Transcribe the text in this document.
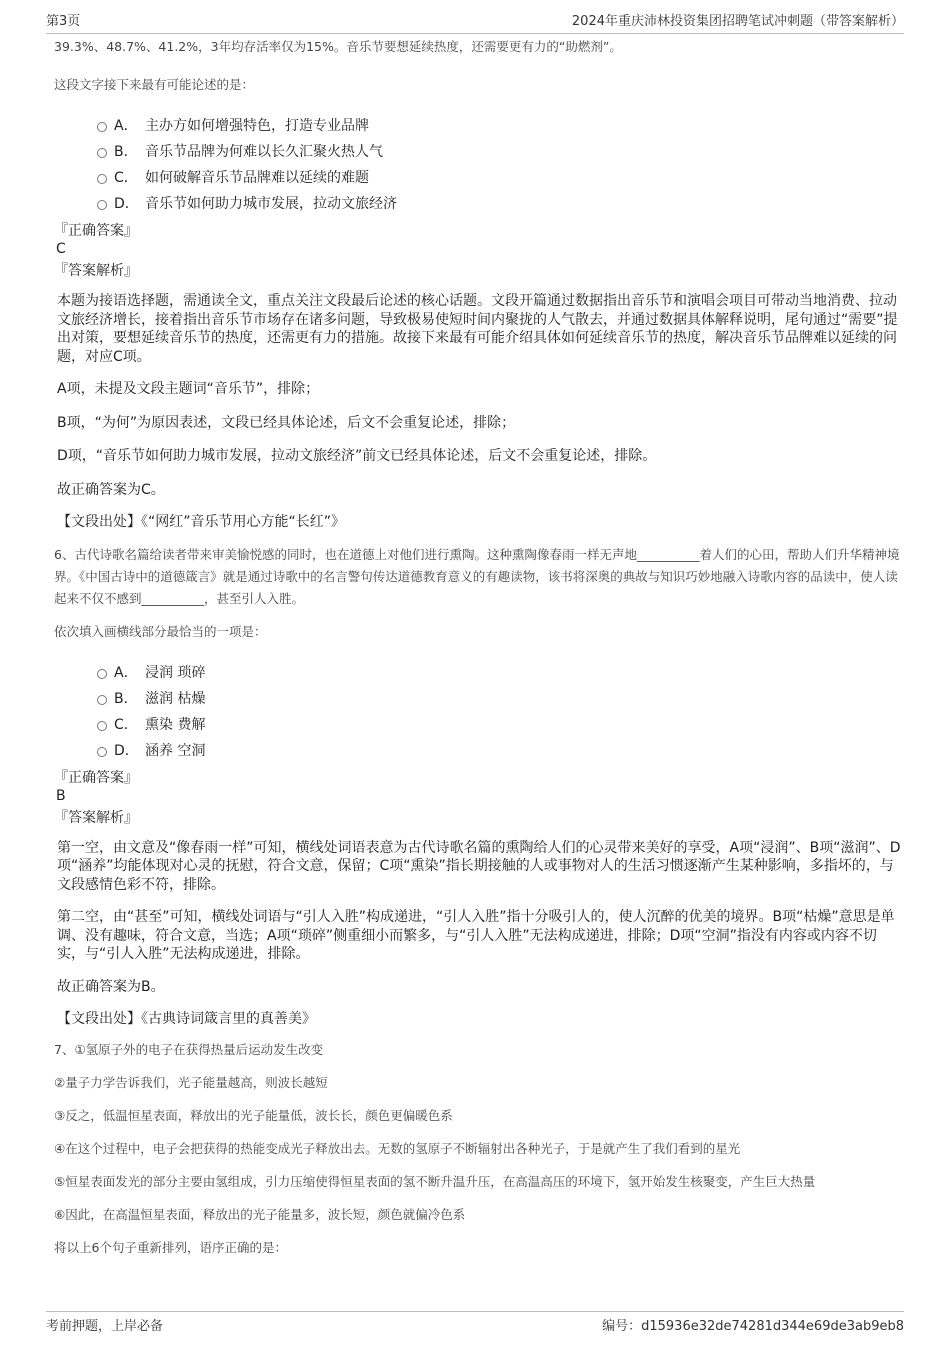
第3页	2024年重庆沛林投资集团招聘笔试冲刺题（带答案解析）

39.3%、48.7%、41.2%，3年均存活率仅为15%。音乐节要想延续热度，还需要更有力的“助燃剂”。

这段文字接下来最有可能论述的是：

A． 主办方如何增强特色，打造专业品牌
B． 音乐节品牌为何难以长久汇聚火热人气
C． 如何破解音乐节品牌难以延续的难题
D． 音乐节如何助力城市发展，拉动文旅经济

『正确答案』

C

『答案解析』

本题为接语选择题，需通读全文，重点关注文段最后论述的核心话题。文段开篇通过数据指出音乐节和演唱会项目可带动当地消费、拉动文旅经济增长，接着指出音乐节市场存在诸多问题，导致极易使短时间内聚拢的人气散去，并通过数据具体解释说明，尾句通过“需要”提出对策，要想延续音乐节的热度，还需更有力的措施。故接下来最有可能介绍具体如何延续音乐节的热度，解决音乐节品牌难以延续的问题，对应C项。

A项，未提及文段主题词“音乐节”，排除；

B项，“为何”为原因表述，文段已经具体论述，后文不会重复论述，排除；

D项，“音乐节如何助力城市发展，拉动文旅经济”前文已经具体论述，后文不会重复论述，排除。

故正确答案为C。

【文段出处】《“网红”音乐节用心方能“长红”》

6、古代诗歌名篇给读者带来审美愉悦感的同时，也在道德上对他们进行熏陶。这种熏陶像春雨一样无声地__________着人们的心田，帮助人们升华精神境界。《中国古诗中的道德箴言》就是通过诗歌中的名言警句传达道德教育意义的有趣读物，该书将深奥的典故与知识巧妙地融入诗歌内容的品读中，使人读起来不仅不感到__________，甚至引人入胜。

依次填入画横线部分最恰当的一项是：

A． 浸润 琐碎
B． 滋润 枯燥
C． 熏染 费解
D． 涵养 空洞

『正确答案』

B

『答案解析』

第一空，由文意及“像春雨一样”可知，横线处词语表意为古代诗歌名篇的熏陶给人们的心灵带来美好的享受，A项“浸润”、B项“滋润”、D项“涵养”均能体现对心灵的抚慰，符合文意，保留；C项“熏染”指长期接触的人或事物对人的生活习惯逐渐产生某种影响，多指坏的，与文段感情色彩不符，排除。

第二空，由“甚至”可知，横线处词语与“引人入胜”构成递进，“引人入胜”指十分吸引人的，使人沉醉的优美的境界。B项“枯燥”意思是单调、没有趣味，符合文意，当选；A项“琐碎”侧重细小而繁多，与“引人入胜”无法构成递进，排除；D项“空洞”指没有内容或内容不切实，与“引人入胜”无法构成递进，排除。

故正确答案为B。

【文段出处】《古典诗词箴言里的真善美》

7、①氢原子外的电子在获得热量后运动发生改变

②量子力学告诉我们，光子能量越高，则波长越短

③反之，低温恒星表面，释放出的光子能量低，波长长，颜色更偏暖色系

④在这个过程中，电子会把获得的热能变成光子释放出去。无数的氢原子不断辐射出各种光子，于是就产生了我们看到的星光

⑤恒星表面发光的部分主要由氢组成，引力压缩使得恒星表面的氢不断升温升压，在高温高压的环境下，氢开始发生核聚变，产生巨大热量

⑥因此，在高温恒星表面，释放出的光子能量多，波长短，颜色就偏冷色系

将以上6个句子重新排列，语序正确的是：

考前押题，上岸必备	编号：d15936e32de74281d344e69de3ab9eb8
